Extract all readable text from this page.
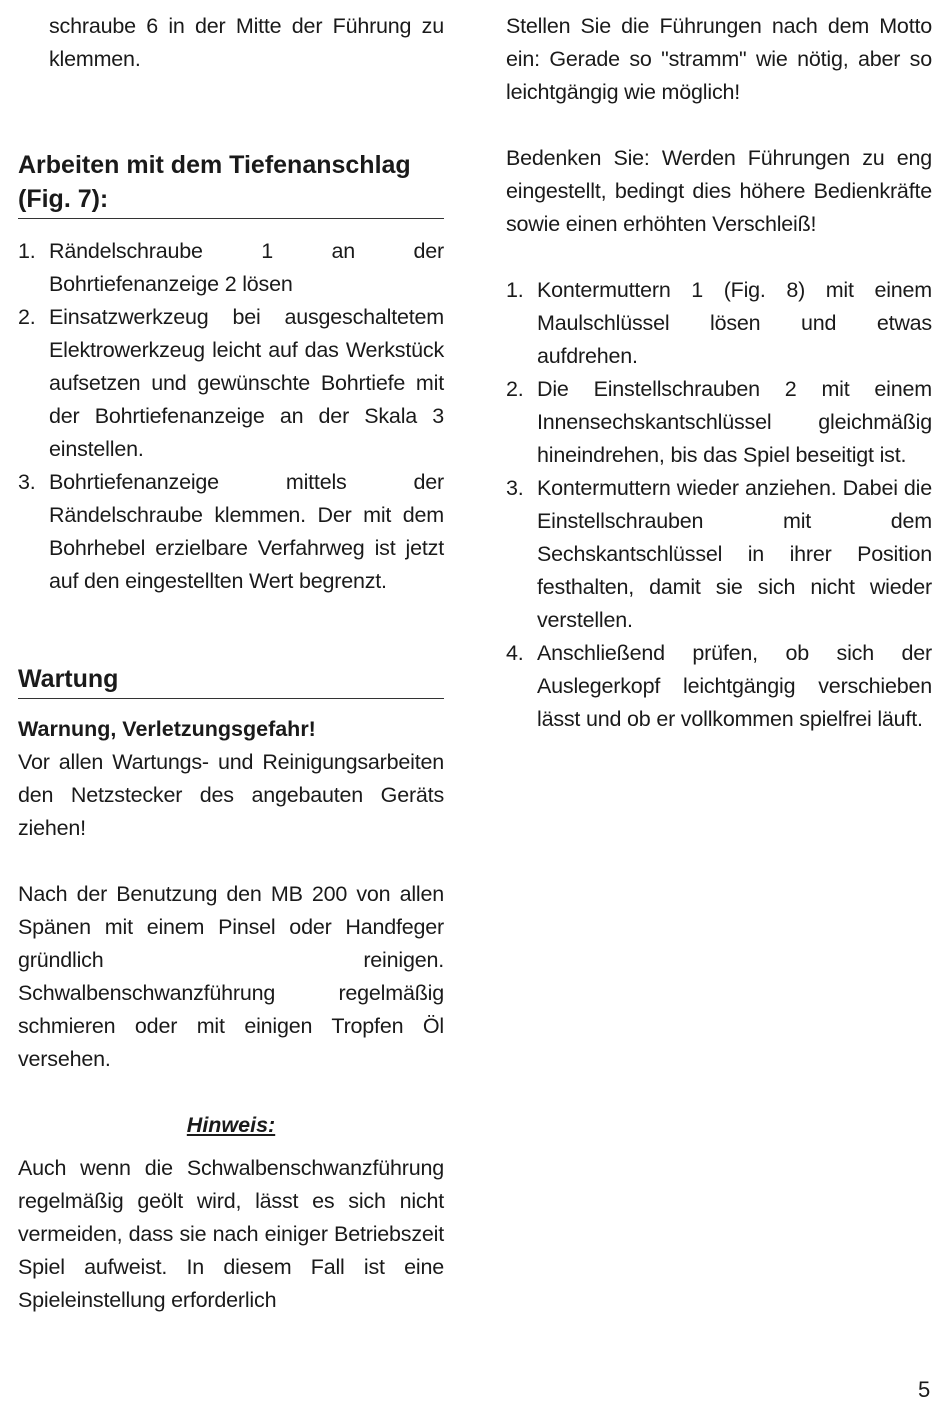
schraube 6 in der Mitte der Führung zu klemmen.

Arbeiten mit dem Tiefenanschlag (Fig. 7):
1. Rändelschraube 1 an der Bohrtiefenanzeige 2 lösen
2. Einsatzwerkzeug bei ausgeschaltetem Elektrowerkzeug leicht auf das Werkstück aufsetzen und gewünschte Bohrtiefe mit der Bohrtiefenanzeige an der Skala 3 einstellen.
3. Bohrtiefenanzeige mittels der Rändelschraube klemmen. Der mit dem Bohrhebel erzielbare Verfahrweg ist jetzt auf den eingestellten Wert begrenzt.
Wartung

Warnung, Verletzungsgefahr!

Vor allen Wartungs- und Reinigungsarbeiten den Netzstecker des angebauten Geräts ziehen!

Nach der Benutzung den MB 200 von allen Spänen mit einem Pinsel oder Handfeger gründlich reinigen. Schwalbenschwanzführung regelmäßig schmieren oder mit einigen Tropfen Öl versehen.

Hinweis:

Auch wenn die Schwalbenschwanzführung regelmäßig geölt wird, lässt es sich nicht vermeiden, dass sie nach einiger Betriebszeit Spiel aufweist. In diesem Fall ist eine Spieleinstellung erforderlich

Stellen Sie die Führungen nach dem Motto ein: Gerade so "stramm" wie nötig, aber so leichtgängig wie möglich!

Bedenken Sie: Werden Führungen zu eng eingestellt, bedingt dies höhere Bedienkräfte sowie einen erhöhten Verschleiß!

1. Kontermuttern 1 (Fig. 8) mit einem Maulschlüssel lösen und etwas aufdrehen.
2. Die Einstellschrauben 2 mit einem Innensechskantschlüssel gleichmäßig hineindrehen, bis das Spiel beseitigt ist.
3. Kontermuttern wieder anziehen. Dabei die Einstellschrauben mit dem Sechskantschlüssel in ihrer Position festhalten, damit sie sich nicht wieder verstellen.
4. Anschließend prüfen, ob sich der Auslegerkopf leichtgängig verschieben lässt und ob er vollkommen spielfrei läuft.
5
